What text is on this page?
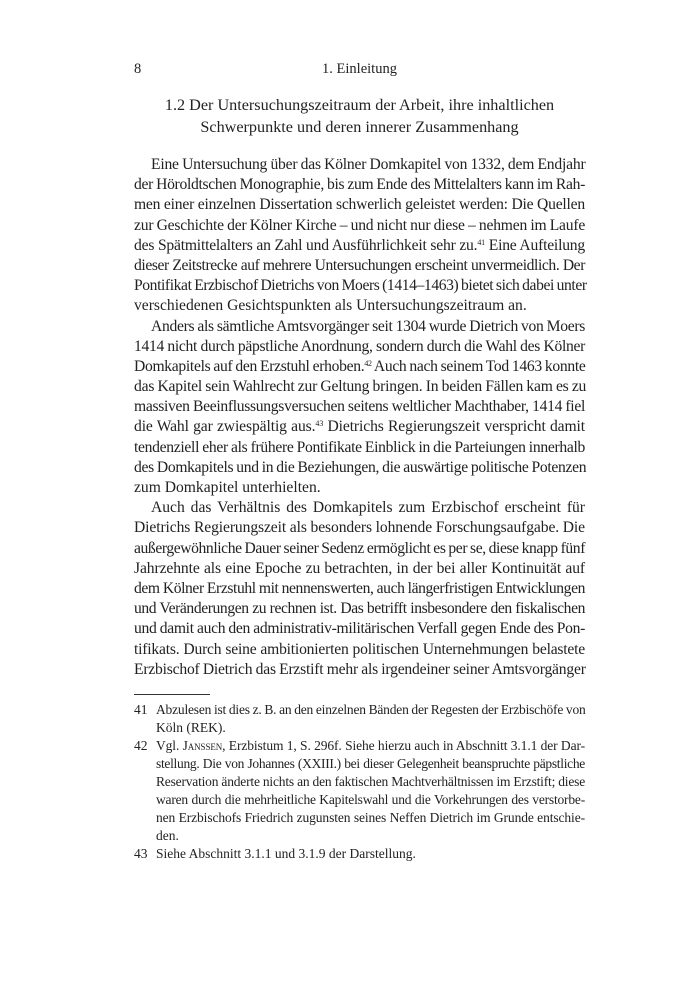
8	1. Einleitung
1.2 Der Untersuchungszeitraum der Arbeit, ihre inhaltlichen
Schwerpunkte und deren innerer Zusammenhang
Eine Untersuchung über das Kölner Domkapitel von 1332, dem Endjahr
der Höroldtschen Monographie, bis zum Ende des Mittelalters kann im Rah-
men einer einzelnen Dissertation schwerlich geleistet werden: Die Quellen
zur Geschichte der Kölner Kirche – und nicht nur diese – nehmen im Laufe
des Spätmittelalters an Zahl und Ausführlichkeit sehr zu.$^{41}$ Eine Aufteilung
dieser Zeitstrecke auf mehrere Untersuchungen erscheint unvermeidlich. Der
Pontifikat Erzbischof Dietrichs von Moers (1414–1463) bietet sich dabei unter
verschiedenen Gesichtspunkten als Untersuchungszeitraum an.
Anders als sämtliche Amtsvorgänger seit 1304 wurde Dietrich von Moers
1414 nicht durch päpstliche Anordnung, sondern durch die Wahl des Kölner
Domkapitels auf den Erzstuhl erhoben.$^{42}$ Auch nach seinem Tod 1463 konnte
das Kapitel sein Wahlrecht zur Geltung bringen. In beiden Fällen kam es zu
massiven Beeinflussungsversuchen seitens weltlicher Machthaber, 1414 fiel
die Wahl gar zwiespältig aus.$^{43}$ Dietrichs Regierungszeit verspricht damit
tendenziell eher als frühere Pontifikate Einblick in die Parteiungen innerhalb
des Domkapitels und in die Beziehungen, die auswärtige politische Potenzen
zum Domkapitel unterhielten.
Auch das Verhältnis des Domkapitels zum Erzbischof erscheint für
Dietrichs Regierungszeit als besonders lohnende Forschungsaufgabe. Die
außergewöhnliche Dauer seiner Sedenz ermöglicht es per se, diese knapp fünf
Jahrzehnte als eine Epoche zu betrachten, in der bei aller Kontinuität auf
dem Kölner Erzstuhl mit nennenswerten, auch längerfristigen Entwicklungen
und Veränderungen zu rechnen ist. Das betrifft insbesondere den fiskalischen
und damit auch den administrativ-militärischen Verfall gegen Ende des Pon-
tifikats. Durch seine ambitionierten politischen Unternehmungen belastete
Erzbischof Dietrich das Erzstift mehr als irgendeiner seiner Amtsvorgänger
41 Abzulesen ist dies z. B. an den einzelnen Bänden der Regesten der Erzbischöfe von
Köln (REK).
42 Vgl. Janssen, Erzbistum 1, S. 296f. Siehe hierzu auch in Abschnitt 3.1.1 der Dar-
stellung. Die von Johannes (XXIII.) bei dieser Gelegenheit beanspruchte päpstliche
Reservation änderte nichts an den faktischen Machtverhältnissen im Erzstift; diese
waren durch die mehrheitliche Kapitelswahl und die Vorkehrungen des verstorbe-
nen Erzbischofs Friedrich zugunsten seines Neffen Dietrich im Grunde entschie-
den.
43 Siehe Abschnitt 3.1.1 und 3.1.9 der Darstellung.
